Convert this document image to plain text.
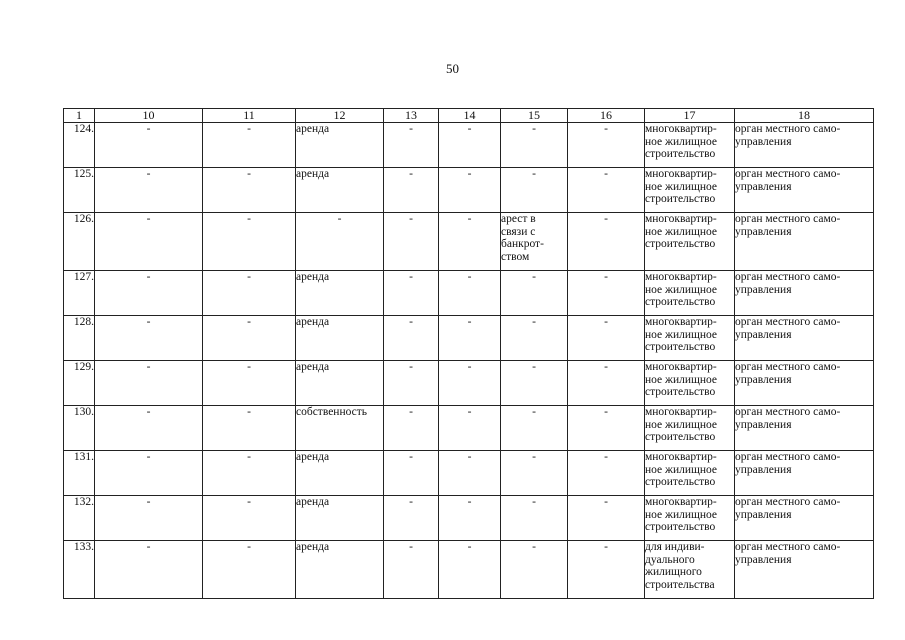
50
1	10	11	12	13	14	15	16	17	18
124.	-	-	аренда	-	-	-	-	многоквартир-
ное жилищное
строительство	орган местного само-
управления

125.	-	-	аренда	-	-	-	-	многоквартир-
ное жилищное
строительство	орган местного само-
управления

126.	-	-	-	-	-	арест в
связи с
банкрот-
ством	-	многоквартир-
ное жилищное
строительство	орган местного само-
управления

127.	-	-	аренда	-	-	-	-	многоквартир-
ное жилищное
строительство	орган местного само-
управления

128.	-	-	аренда	-	-	-	-	многоквартир-
ное жилищное
строительство	орган местного само-
управления

129.	-	-	аренда	-	-	-	-	многоквартир-
ное жилищное
строительство	орган местного само-
управления

130.	-	-	собственность	-	-	-	-	многоквартир-
ное жилищное
строительство	орган местного само-
управления

131.	-	-	аренда	-	-	-	-	многоквартир-
ное жилищное
строительство	орган местного само-
управления

132.	-	-	аренда	-	-	-	-	многоквартир-
ное жилищное
строительство	орган местного само-
управления

133.	-	-	аренда	-	-	-	-	для индиви-
дуального
жилищного
строительства	орган местного само-
управления
